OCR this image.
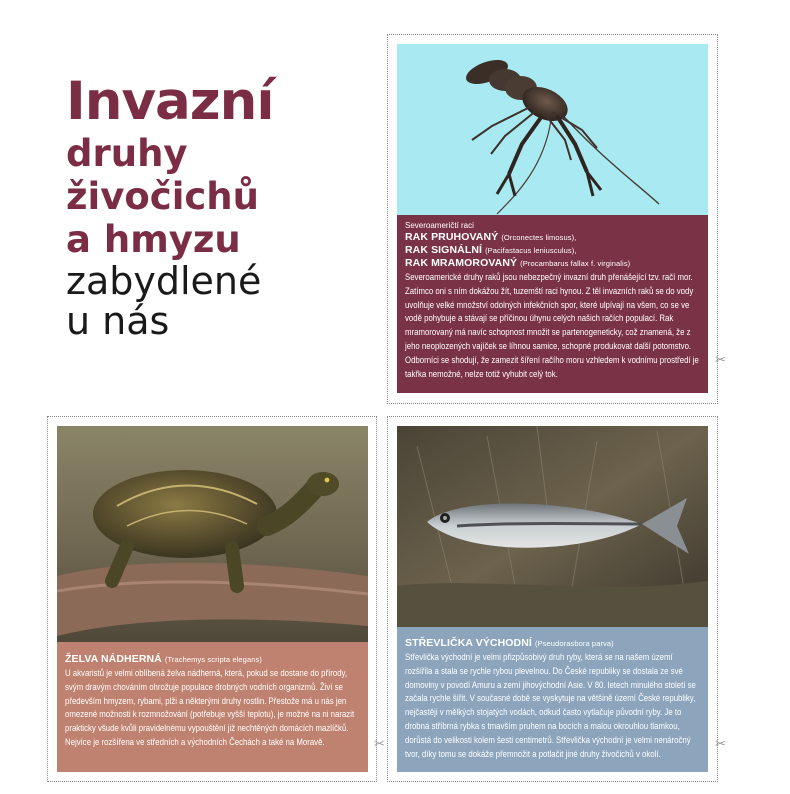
Invazní
druhy
živočichů
a hmyzu
zabydlené
u nás
Severoameričtí raci
RAK PRUHOVANÝ (Orconectes limosus),
RAK SIGNÁLNÍ (Pacifastacus leniusculus),
RAK MRAMOROVANÝ (Procambarus fallax f. virginalis)
Severoamerické druhy raků jsou nebezpečný invazní druh přenášející tzv. račí mor. Zatímco oni s ním dokážou žít, tuzemští raci hynou. Z těl invazních raků se do vody uvolňuje velké množství odolných infekčních spor, které ulpívají na všem, co se ve vodě pohybuje a stávají se příčinou úhynu celých našich račích populací. Rak mramorovaný má navíc schopnost množit se partenogeneticky, což znamená, že z jeho neoplozených vajíček se líhnou samice, schopné produkovat další potomstvo. Odborníci se shodují, že zamezit šíření račího moru vzhledem k vodnímu prostředí je takřka nemožné, nelze totiž vyhubit celý tok.
✂
ŽELVA NÁDHERNÁ (Trachemys scripta elegans)
U akvaristů je velmi oblíbená želva nádherná, která, pokud se dostane do přírody, svým dravým chováním ohrožuje populace drobných vodních organizmů. Živí se především hmyzem, rybami, plži a některými druhy rostlin. Přestože má u nás jen omezené možnosti k rozmnožování (potřebuje vyšší teplotu), je možné na ni narazit prakticky všude kvůli pravidelnému vypouštění již nechtěných domácích mazlíčků. Nejvíce je rozšířena ve středních a východních Čechách a také na Moravě.	✂
STŘEVLIČKA VÝCHODNÍ (Pseudorasbora parva)
Střevlička východní je velmi přizpůsobivý druh ryby, která se na našem území rozšířila a stala se rychle rybou plevelnou. Do České republiky se dostala ze své domoviny v povodí Amuru a zemí jihovýchodní Asie. V 80. letech minulého století se začala rychle šířit. V současné době se vyskytuje na většině území České republiky, nejčastěji v mělkých stojatých vodách, odkud často vytlačuje původní ryby. Je to drobná stříbrná rybka s tmavším pruhem na bocích a malou okrouhlou tlamkou, dorůstá do velikosti kolem šesti centimetrů. Střevlička východní je velmi nenáročný tvor, díky tomu se dokáže přemnožit a potlačit jiné druhy živočichů v okolí.
✂
